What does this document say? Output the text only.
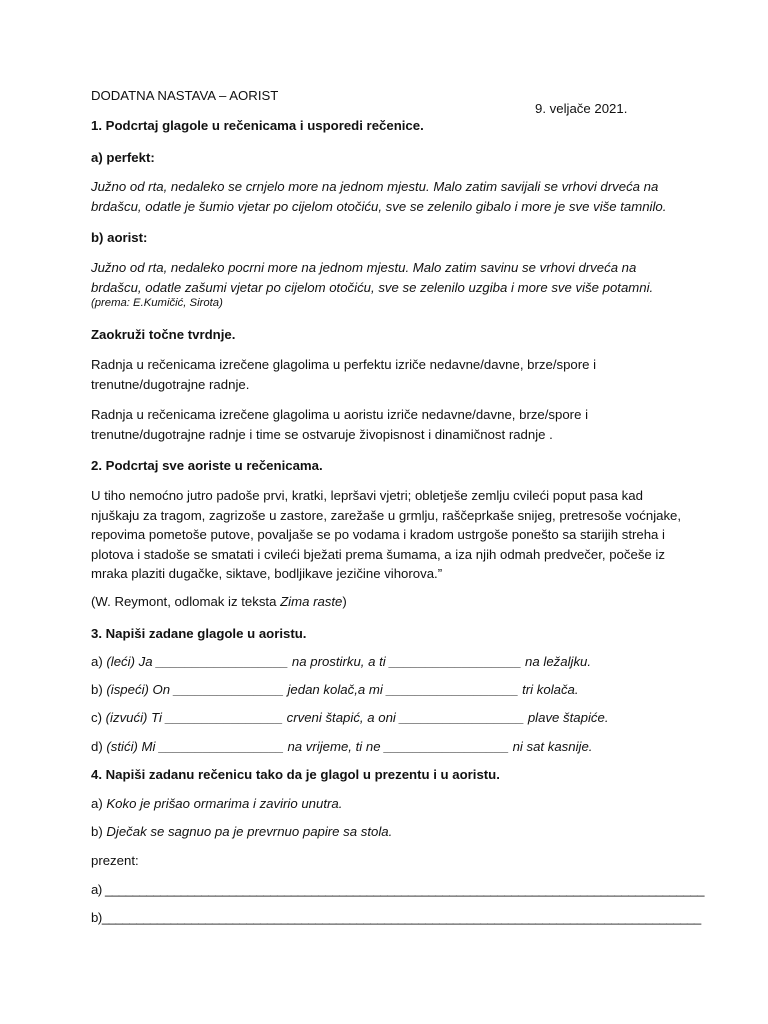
DODATNA NASTAVA – AORIST

9. veljače 2021.

1. Podcrtaj glagole u rečenicama i usporedi rečenice.

a) perfekt:

Južno od rta, nedaleko se crnjelo more na jednom mjestu. Malo zatim savijali se vrhovi drveća na
brdašcu, odatle je šumio vjetar po cijelom otočiću, sve se zelenilo gibalo i more je sve više tamnilo.

b) aorist:

Južno od rta, nedaleko pocrni more na jednom mjestu. Malo zatim savinu se vrhovi drveća na
brdašcu, odatle zašumi vjetar po cijelom otočiću, sve se zelenilo uzgiba i more sve više potamni.

(prema: E.Kumičić, Sirota)

Zaokruži točne tvrdnje.

Radnja u rečenicama izrečene glagolima u perfektu izriče nedavne/davne, brze/spore i
trenutne/dugotrajne radnje.

Radnja u rečenicama izrečene glagolima u aoristu izriče nedavne/davne, brze/spore i
trenutne/dugotrajne radnje i time se ostvaruje živopisnost i dinamičnost radnje .

2. Podcrtaj sve aoriste u rečenicama.

U tiho nemoćno jutro padoše prvi, kratki, lepršavi vjetri; obletješe zemlju cvileći poput pasa kad
njuškaju za tragom, zagrizoše u zastore, zarežaše u grmlju, raščeprkaše snijeg, pretresoše voćnjake,
repovima pometoše putove, povaljaše se po vodama i kradom ustrgoše ponešto sa starijih streha i
plotova i stadoše se smatati i cvileći bježati prema šumama, a iza njih odmah predvečer, počeše iz
mraka plaziti dugačke, siktave, bodljikave jezičine vihorova.”

(W. Reymont, odlomak iz teksta Zima raste)

3. Napiši zadane glagole u aoristu.

a) (leći) Ja __________________ na prostirku, a ti __________________ na ležaljku.

b) (ispeći) On _______________ jedan kolač,a mi __________________ tri kolača.

c) (izvući) Ti ________________ crveni štapić, a oni _________________ plave štapiće.

d) (stići) Mi _________________ na vrijeme, ti ne _________________ ni sat kasnije.

4. Napiši zadanu rečenicu tako da je glagol u prezentu i u aoristu.

a) Koko je prišao ormarima i zavirio unutra.

b) Dječak se sagnuo pa je prevrnuo papire sa stola.

prezent:

a) _______________________________________________________________________________________

b)_______________________________________________________________________________________
